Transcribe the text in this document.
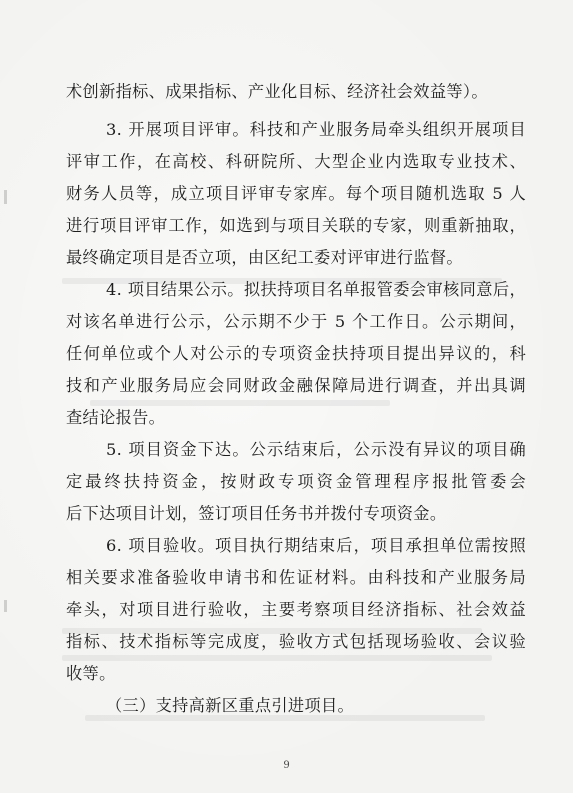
术创新指标、成果指标、产业化目标、经济社会效益等）。
3. 开展项目评审。科技和产业服务局牵头组织开展项目
评审工作，在高校、科研院所、大型企业内选取专业技术、
财务人员等，成立项目评审专家库。每个项目随机选取 5 人
进行项目评审工作，如选到与项目关联的专家，则重新抽取，
最终确定项目是否立项，由区纪工委对评审进行监督。
4. 项目结果公示。拟扶持项目名单报管委会审核同意后，
对该名单进行公示，公示期不少于 5 个工作日。公示期间，
任何单位或个人对公示的专项资金扶持项目提出异议的，科
技和产业服务局应会同财政金融保障局进行调查，并出具调
查结论报告。
5. 项目资金下达。公示结束后，公示没有异议的项目确
定最终扶持资金，按财政专项资金管理程序报批管委会
后下达项目计划，签订项目任务书并拨付专项资金。
6. 项目验收。项目执行期结束后，项目承担单位需按照
相关要求准备验收申请书和佐证材料。由科技和产业服务局
牵头，对项目进行验收，主要考察项目经济指标、社会效益
指标、技术指标等完成度，验收方式包括现场验收、会议验
收等。
（三）支持高新区重点引进项目。
9
